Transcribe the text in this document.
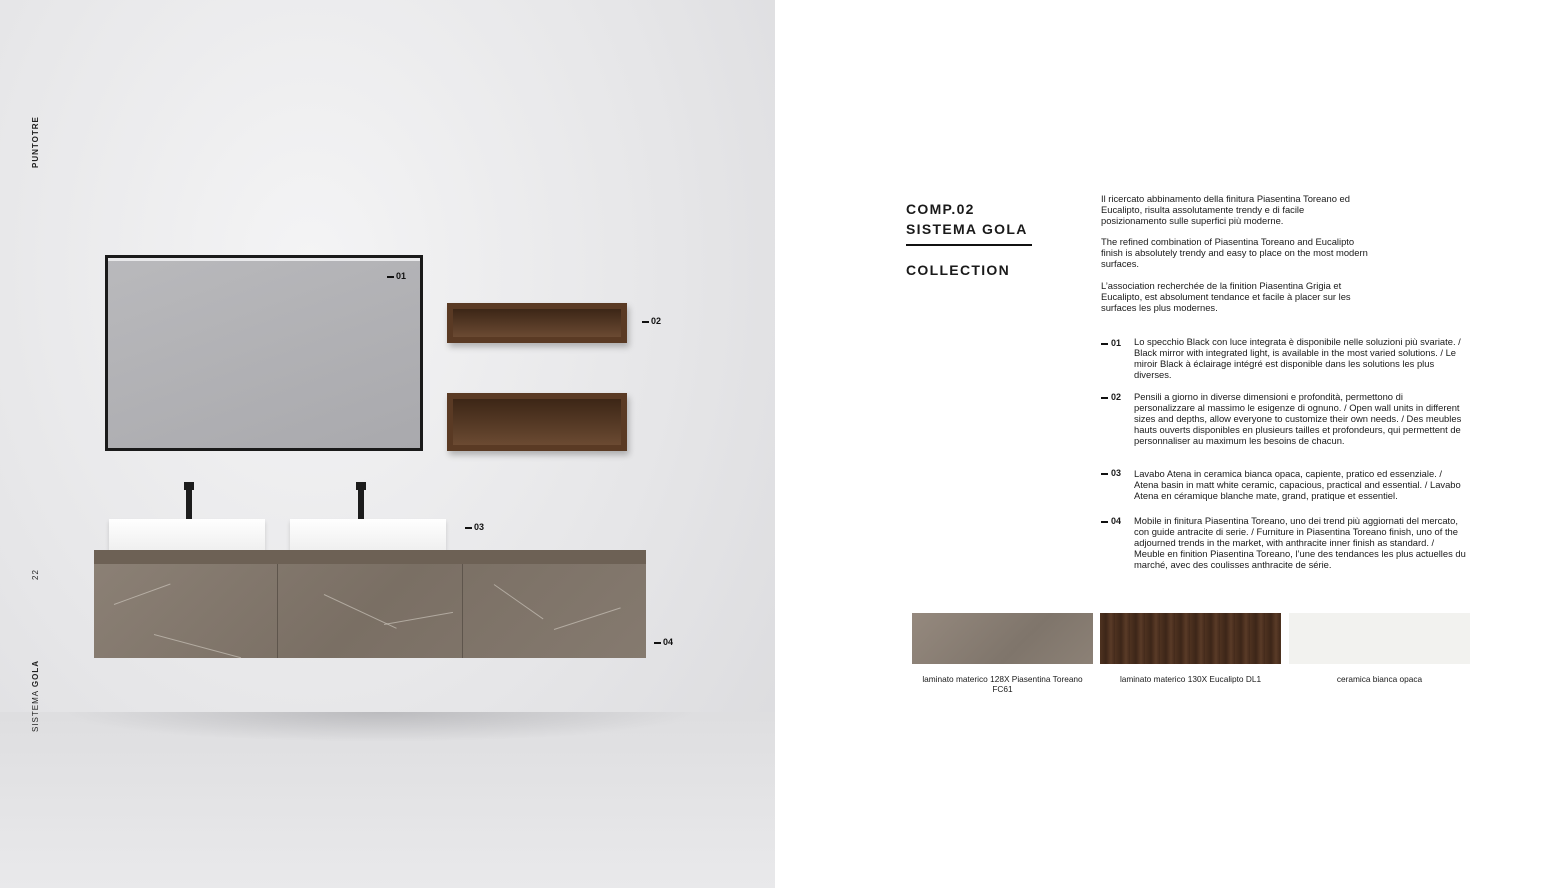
PUNTOTRE
22
SISTEMA GOLA
01
02
03
04
COMP.02
SISTEMA GOLA
COLLECTION
Il ricercato abbinamento della finitura Piasentina Toreano ed Eucalipto, risulta assolutamente trendy e di facile posizionamento sulle superfici più moderne.
The refined combination of Piasentina Toreano and Eucalipto finish is absolutely trendy and easy to place on the most modern surfaces.
L’association recherchée de la finition Piasentina Grigia et Eucalipto, est absolument tendance et facile à placer sur les surfaces les plus modernes.
01 Lo specchio Black con luce integrata è disponibile nelle soluzioni più svariate. / Black mirror with integrated light, is available in the most varied solutions. / Le miroir Black à éclairage intégré est disponible dans les solutions les plus diverses.
02 Pensili a giorno in diverse dimensioni e profondità, permettono di personalizzare al massimo le esigenze di ognuno. / Open wall units in different sizes and depths, allow everyone to customize their own needs. / Des meubles hauts ouverts disponibles en plusieurs tailles et profondeurs, qui permettent de personnaliser au maximum les besoins de chacun.
03 Lavabo Atena in ceramica bianca opaca, capiente, pratico ed essenziale. / Atena basin in matt white ceramic, capacious, practical and essential. / Lavabo Atena en céramique blanche mate, grand, pratique et essentiel.
04 Mobile in finitura Piasentina Toreano, uno dei trend più aggiornati del mercato, con guide antracite di serie. / Furniture in Piasentina Toreano finish, uno of the adjourned trends in the market, with anthracite inner finish as standard. / Meuble en finition Piasentina Toreano, l’une des tendances les plus actuelles du marché, avec des coulisses anthracite de série.
laminato materico 128X Piasentina Toreano FC61
laminato materico 130X Eucalipto DL1	ceramica bianca opaca
